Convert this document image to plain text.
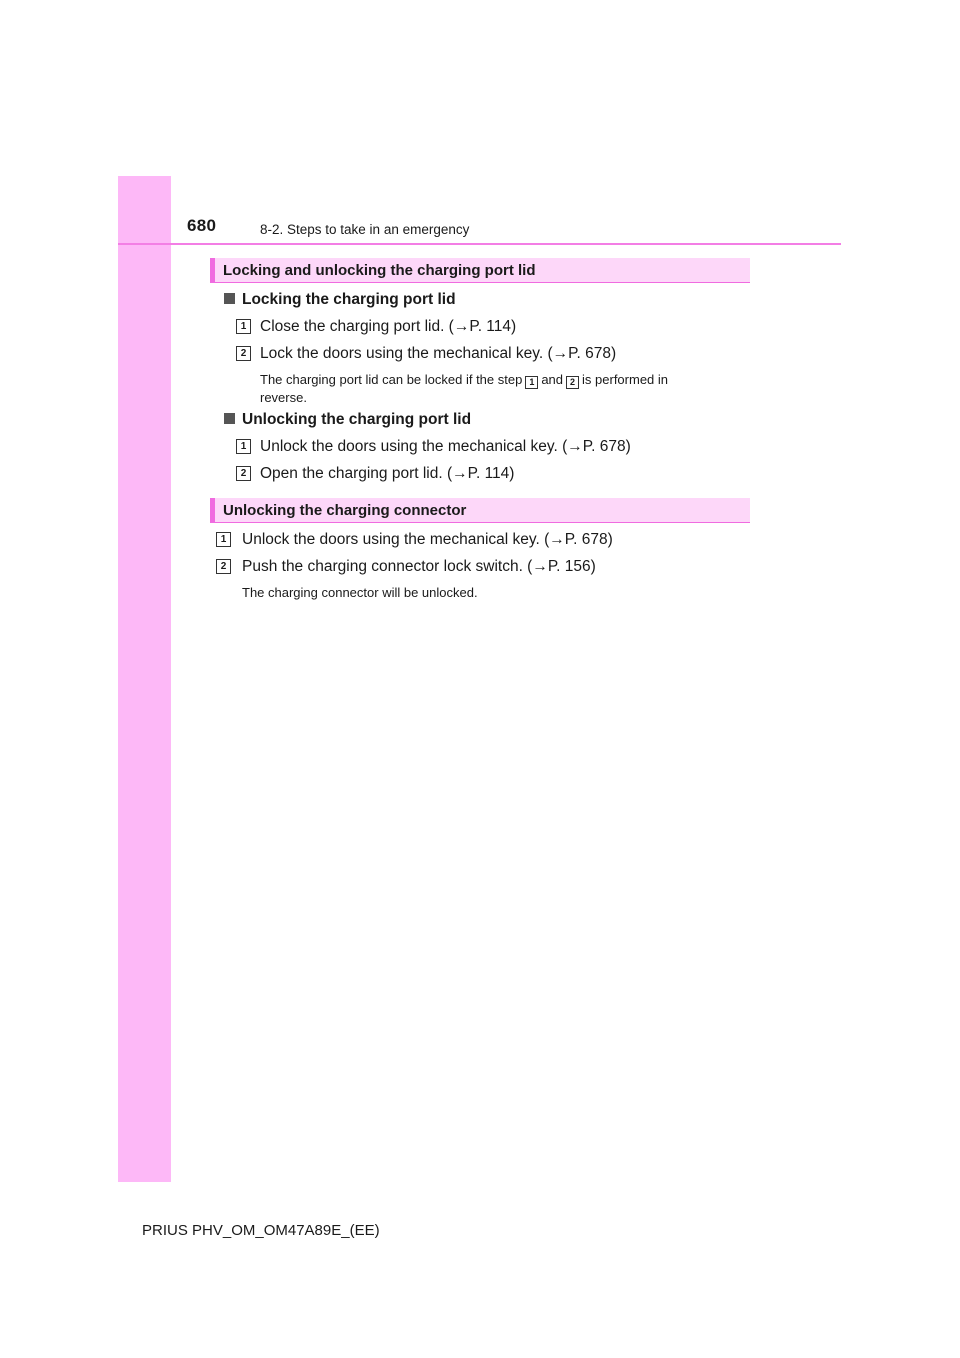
680	8-2. Steps to take in an emergency
Locking and unlocking the charging port lid
Locking the charging port lid
1 Close the charging port lid. (→P. 114)
2 Lock the doors using the mechanical key. (→P. 678)
The charging port lid can be locked if the step 1 and 2 is performed in
reverse.
Unlocking the charging port lid
1 Unlock the doors using the mechanical key. (→P. 678)
2 Open the charging port lid. (→P. 114)
Unlocking the charging connector
1	Unlock the doors using the mechanical key. (→P. 678)
2	Push the charging connector lock switch. (→P. 156)
The charging connector will be unlocked.
PRIUS PHV_OM_OM47A89E_(EE)
